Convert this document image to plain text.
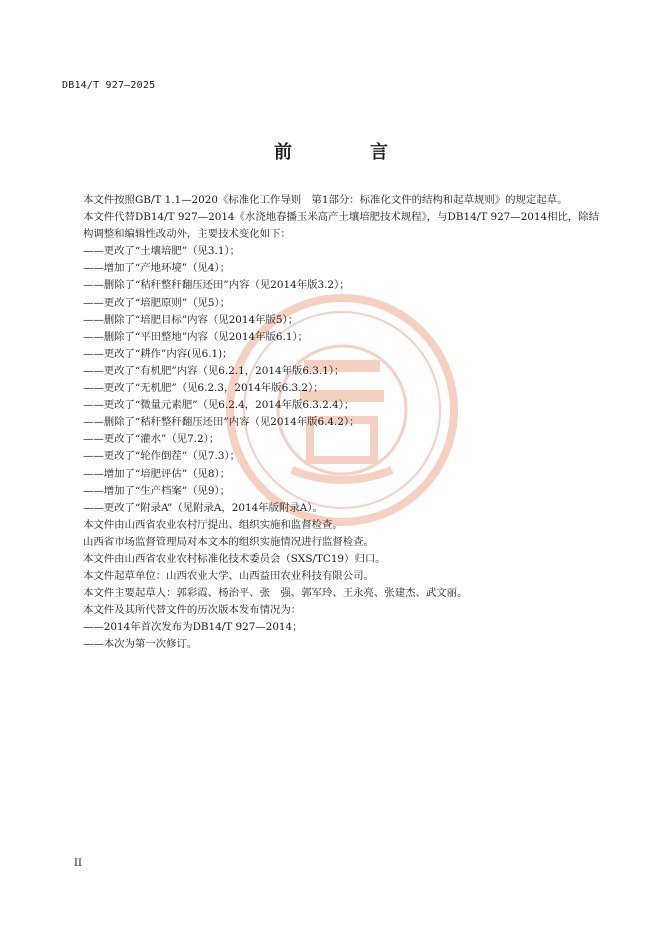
DB14/T 927—2025
前　言

本文件按照GB/T 1.1—2020《标准化工作导则　第1部分：标准化文件的结构和起草规则》的规定起草。

本文件代替DB14/T 927—2014《水浇地春播玉米高产土壤培肥技术规程》，与DB14/T 927—2014相比，除结构调整和编辑性改动外，主要技术变化如下：

——更改了“土壤培肥”（见3.1）；

——增加了“产地环境”（见4）；

——删除了“秸秆整秆翻压还田”内容（见2014年版3.2）；

——更改了“培肥原则”（见5）；

——删除了“培肥目标”内容（见2014年版5）；

——删除了“平田整地”内容（见2014年版6.1）；

——更改了“耕作”内容(见6.1)；

——更改了“有机肥”内容（见6.2.1，2014年版6.3.1）；

——更改了“无机肥”（见6.2.3，2014年版6.3.2）；

——更改了“微量元素肥”（见6.2.4，2014年版6.3.2.4）；

——删除了“秸秆整秆翻压还田”内容（见2014年版6.4.2）；

——更改了“灌水”（见7.2）；

——更改了“轮作倒茬”（见7.3）；

——增加了“培肥评估”（见8）；

——增加了“生产档案”（见9）；

——更改了“附录A”（见附录A，2014年版附录A）。

本文件由山西省农业农村厅提出、组织实施和监督检查。

山西省市场监督管理局对本文本的组织实施情况进行监督检查。

本文件由山西省农业农村标准化技术委员会（SXS/TC19）归口。

本文件起草单位：山西农业大学、山西益田农业科技有限公司。

本文件主要起草人：郭彩霞、杨治平、张　强、郭军玲、王永亮、张建杰、武文丽。

本文件及其所代替文件的历次版本发布情况为：

——2014年首次发布为DB14/T 927—2014；

——本次为第一次修订。

II
